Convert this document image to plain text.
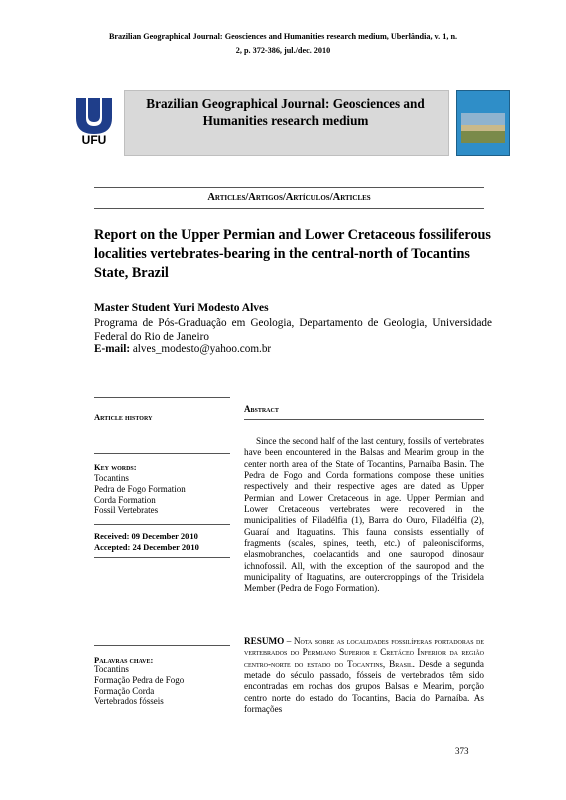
Brazilian Geographical Journal: Geosciences and Humanities research medium, Uberlândia, v. 1, n.
2, p. 372-386, jul./dec. 2010
UFU
Brazilian Geographical Journal: Geosciences and Humanities research medium
Articles/Artigos/Artículos/Articles
Report on the Upper Permian and Lower Cretaceous fossiliferous localities vertebrates-bearing in the central-north of Tocantins State, Brazil
Master Student Yuri Modesto Alves
Programa de Pós-Graduação em Geologia, Departamento de Geologia, Universidade Federal do Rio de Janeiro
E-mail: alves_modesto@yahoo.com.br
Article history
Key words:
Tocantins
Pedra de Fogo Formation
Corda Formation
Fossil Vertebrates
Received: 09 December 2010
Accepted: 24 December 2010
Abstract
Since the second half of the last century, fossils of vertebrates have been encountered in the Balsas and Mearim group in the center north area of the State of Tocantins, Parnaíba Basin. The Pedra de Fogo and Corda formations compose these unities respectively and their respective ages are dated as Upper Permian and Lower Cretaceous in age. Upper Permian and Lower Cretaceous vertebrates were recovered in the municipalities of Filadélfia (1), Barra do Ouro, Filadélfia (2), Guaraí and Itaguatins. This fauna consists essentially of fragments (scales, spines, teeth, etc.) of paleonisciforms, elasmobranches, coelacantids and one sauropod dinosaur ichnofossil. All, with the exception of the sauropod and the municipality of Itaguatins, are outercroppings of the Trisidela Member (Pedra de Fogo Formation).
Palavras chave:
Tocantins
Formação Pedra de Fogo
Formação Corda
Vertebrados fósseis
RESUMO – Nota sobre as localidades fossilíferas portadoras de vertebrados do Permiano Superior e Cretáceo Inferior da região centro-norte do estado do Tocantins, Brasil. Desde a segunda metade do século passado, fósseis de vertebrados têm sido encontradas em rochas dos grupos Balsas e Mearim, porção centro norte do estado do Tocantins, Bacia do Parnaíba. As formações
373
